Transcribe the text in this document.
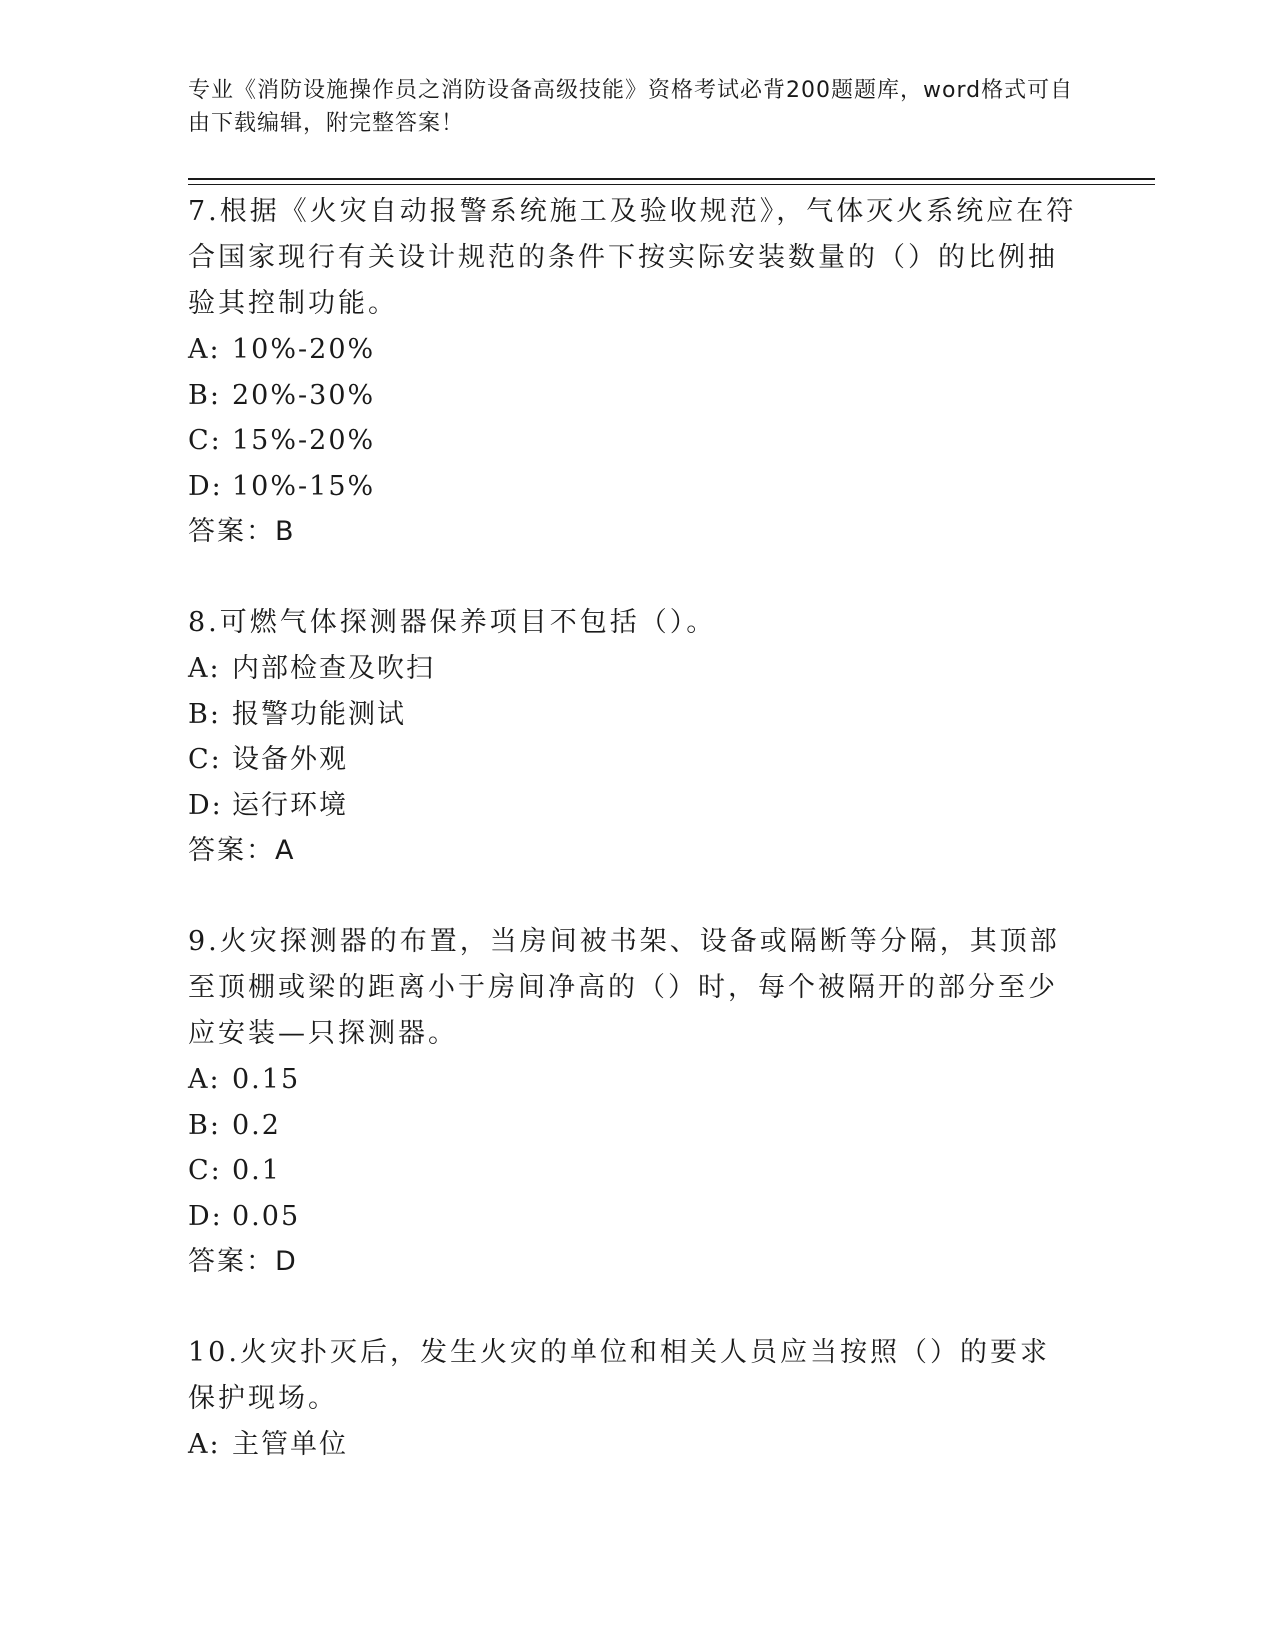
专业《消防设施操作员之消防设备高级技能》资格考试必背200题题库，word格式可自由下载编辑，附完整答案！

7.根据《火灾自动报警系统施工及验收规范》，气体灭火系统应在符合国家现行有关设计规范的条件下按实际安装数量的（）的比例抽验其控制功能。

A: 10%-20%

B: 20%-30%

C: 15%-20%

D: 10%-15%

答案：B

8.可燃气体探测器保养项目不包括（）。

A: 内部检查及吹扫

B: 报警功能测试

C: 设备外观

D: 运行环境

答案：A

9.火灾探测器的布置，当房间被书架、设备或隔断等分隔，其顶部至顶棚或梁的距离小于房间净高的（）时，每个被隔开的部分至少应安装—只探测器。

A: 0.15

B: 0.2

C: 0.1

D: 0.05

答案：D

10.火灾扑灭后，发生火灾的单位和相关人员应当按照（）的要求保护现场。

A: 主管单位
